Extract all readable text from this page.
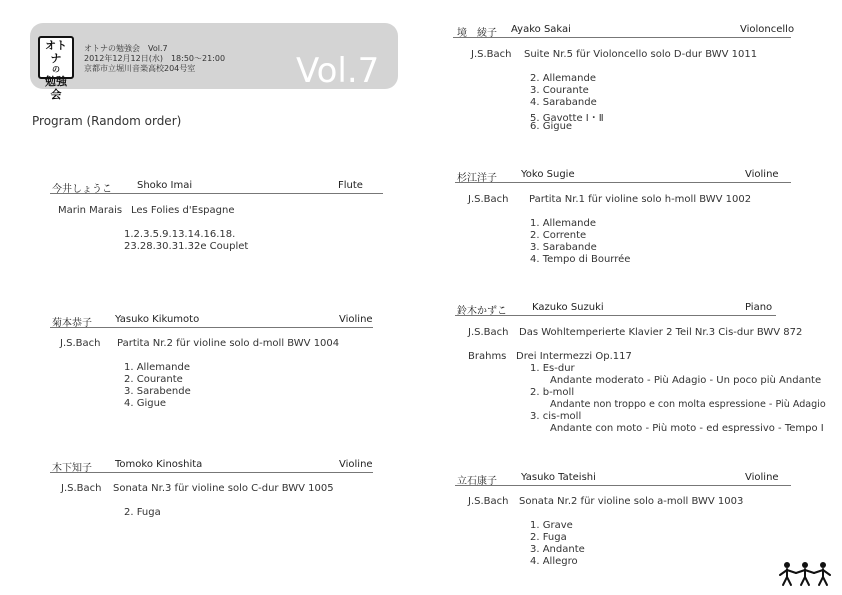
オトナ
の
勉強会
オトナの勉強会　Vol.7
2012年12月12日(水)　18:50～21:00
京都市立堀川音楽高校204号室	Vol.7
Program (Random order)
今井しょうこ	Shoko Imai	Flute
Marin Marais Les Folies d'Espagne
1.2.3.5.9.13.14.16.18.
23.28.30.31.32e Couplet
菊本恭子 Yasuko Kikumoto	Violine
J.S.Bach Partita Nr.2 für violine solo d-moll BWV 1004
1. Allemande
2. Courante
3. Sarabende
4. Gigue
木下知子 Tomoko Kinoshita	Violine
J.S.Bach Sonata Nr.3 für violine solo C-dur BWV 1005
2. Fuga
境　綾子 Ayako Sakai	Violoncello
J.S.Bach Suite Nr.5 für Violoncello solo D-dur BWV 1011
2. Allemande
3. Courante
4. Sarabande
5. Gavotte Ⅰ・Ⅱ
6. Gigue
杉江洋子 Yoko Sugie	Violine
J.S.Bach Partita Nr.1 für violine solo h-moll BWV 1002
1. Allemande
2. Corrente
3. Sarabande
4. Tempo di Bourrée
鈴木かずこ	Kazuko Suzuki	Piano
J.S.Bach Das Wohltemperierte Klavier 2 Teil Nr.3 Cis-dur BWV 872
Brahms Drei Intermezzi Op.117
1. Es-dur
Andante moderato - Più Adagio - Un poco più Andante
2. b-moll
Andante non troppo e con molta espressione - Più Adagio
3. cis-moll
Andante con moto - Più moto - ed espressivo - Tempo I
立石康子 Yasuko Tateishi	Violine
J.S.Bach Sonata Nr.2 für violine solo a-moll BWV 1003
1. Grave
2. Fuga
3. Andante
4. Allegro
